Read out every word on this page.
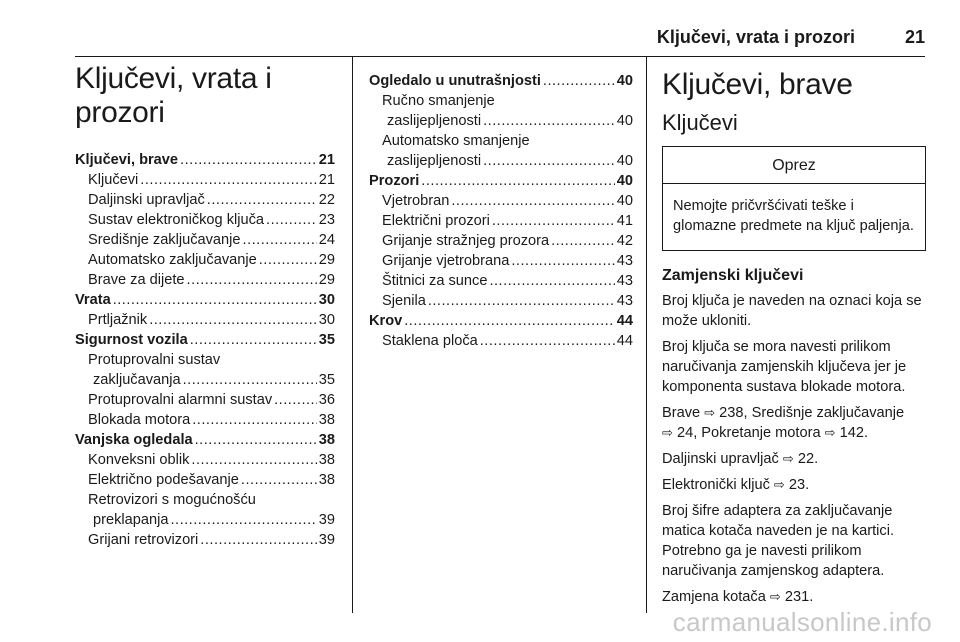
Ključevi, vrata i prozori	21
Ključevi, vrata i prozori
Ključevi, brave .....	21
Ključevi .....	21
Daljinski upravljač .....	22
Sustav elektroničkog ključa .....	23
Središnje zaključavanje .....	24
Automatsko zaključavanje .....	29
Brave za dijete .....	29
Vrata .....	30
Prtljažnik .....	30
Sigurnost vozila .....	35
Protuprovalni sustav
zaključavanja .....	35
Protuprovalni alarmni sustav .....	36
Blokada motora .....	38
Vanjska ogledala .....	38
Konveksni oblik .....	38
Električno podešavanje .....	38
Retrovizori s mogućnošću
preklapanja .....	39
Grijani retrovizori .....	39
Ogledalo u unutrašnjosti .....	40
Ručno smanjenje
zaslijepljenosti .....	40
Automatsko smanjenje
zaslijepljenosti .....	40
Prozori .....	40
Vjetrobran .....	40
Električni prozori .....	41
Grijanje stražnjeg prozora .....	42
Grijanje vjetrobrana .....	43
Štitnici za sunce .....	43
Sjenila .....	43
Krov .....	44
Staklena ploča .....	44
Ključevi, brave
Ključevi
Oprez
Nemojte pričvršćivati teške i glomazne predmete na ključ paljenja.
Zamjenski ključevi

Broj ključa je naveden na oznaci koja se može ukloniti.

Broj ključa se mora navesti prilikom naručivanja zamjenskih ključeva jer je komponenta sustava blokade motora.

Brave ⇨ 238, Središnje zaključavanje ⇨ 24, Pokretanje motora ⇨ 142.

Daljinski upravljač ⇨ 22.

Elektronički ključ ⇨ 23.

Broj šifre adaptera za zaključavanje matica kotača naveden je na kartici. Potrebno ga je navesti prilikom naručivanja zamjenskog adaptera.

Zamjena kotača ⇨ 231.

carmanualsonline.info
